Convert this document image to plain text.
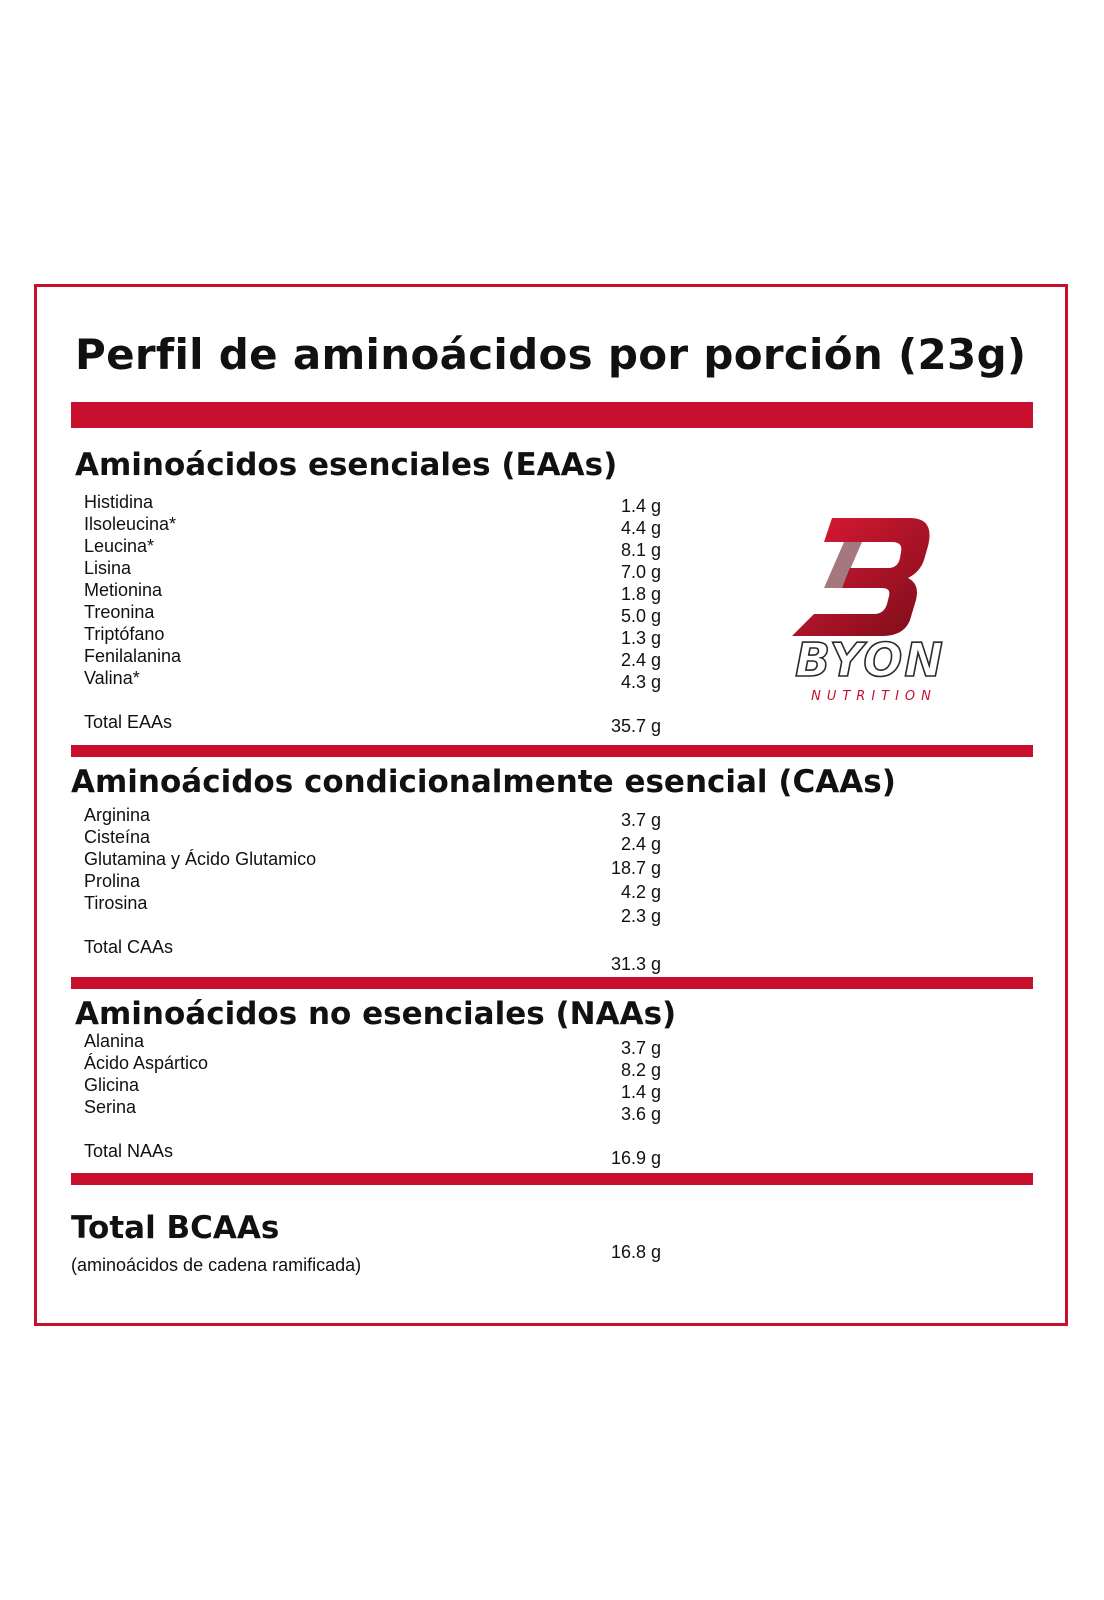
Perfil de aminoácidos por porción (23g)
Aminoácidos esenciales (EAAs)
Histidina
Ilsoleucina*
Leucina*
Lisina
Metionina
Treonina
Triptófano
Fenilalanina
Valina*
1.4 g
4.4 g
8.1 g
7.0 g
1.8 g
5.0 g
1.3 g
2.4 g
4.3 g
Total EAAs	35.7 g
Aminoácidos condicionalmente esencial (CAAs)
Arginina
Cisteína
Glutamina y Ácido Glutamico
Prolina
Tirosina
3.7 g
2.4 g
18.7 g
4.2 g
2.3 g
Total CAAs
31.3 g
Aminoácidos no esenciales (NAAs)
Alanina
Ácido Aspártico
Glicina
Serina
3.7 g
8.2 g
1.4 g
3.6 g
Total NAAs	16.9 g
Total BCAAs
(aminoácidos de cadena ramificada)
16.8 g
BYON
NUTRITION
